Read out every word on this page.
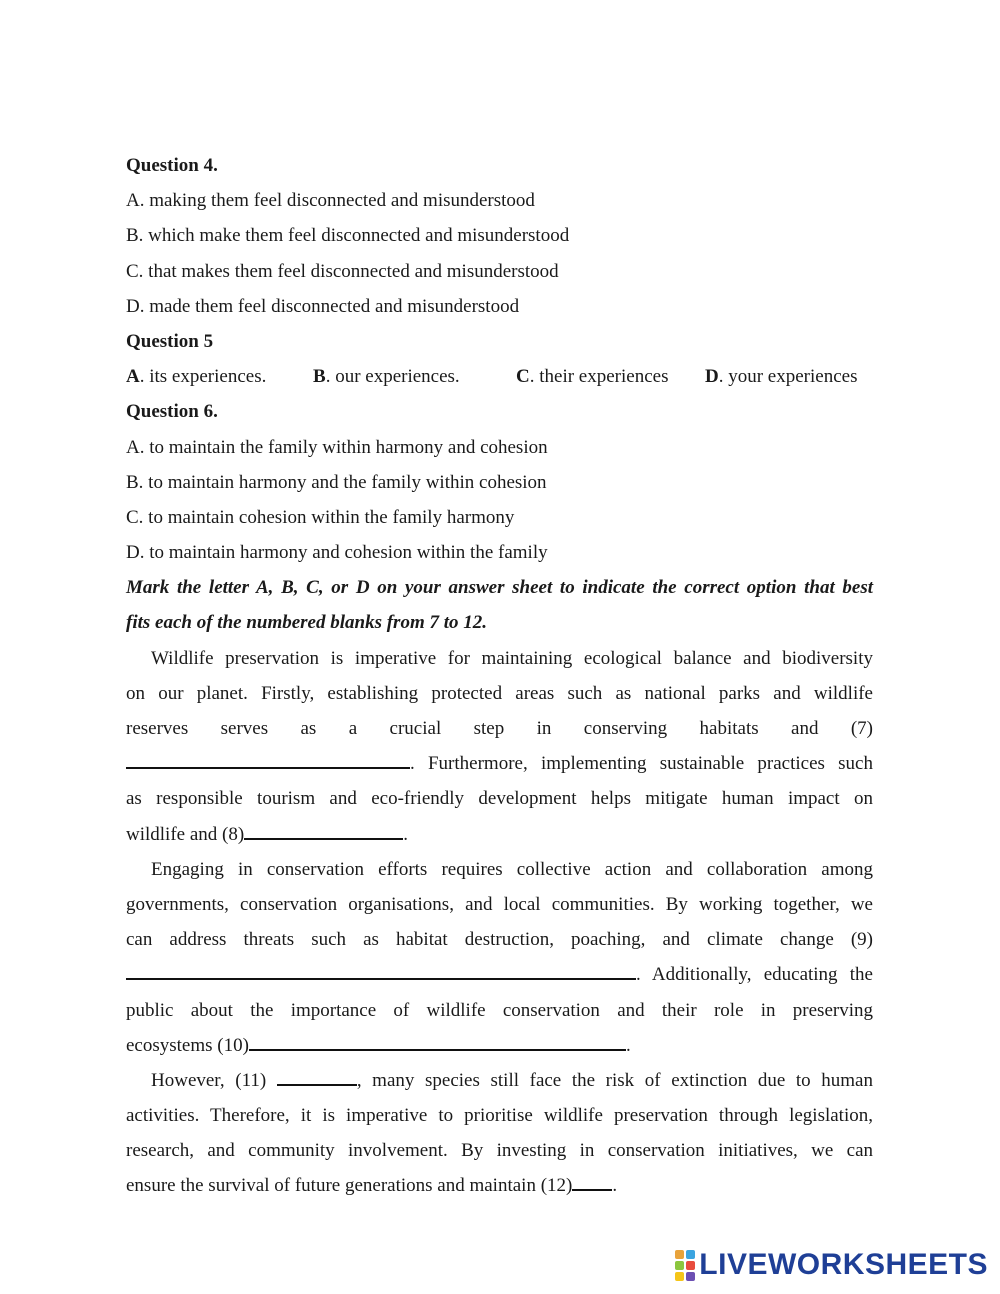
Question 4.
A. making them feel disconnected and misunderstood
B. which make them feel disconnected and misunderstood
C. that makes them feel disconnected and misunderstood
D. made them feel disconnected and misunderstood
Question 5
A. its experiences. B. our experiences.	C. their experiences D. your experiences
Question 6.
A. to maintain the family within harmony and cohesion
B. to maintain harmony and the family within cohesion
C. to maintain cohesion within the family harmony
D. to maintain harmony and cohesion within the family
Mark the letter A, B, C, or D on your answer sheet to indicate the correct option that best
fits each of the numbered blanks from 7 to 12.
Wildlife preservation is imperative for maintaining ecological balance and biodiversity
on our planet. Firstly, establishing protected areas such as national parks and wildlife
reserves serves as a crucial step in conserving habitats and (7)
. Furthermore, implementing sustainable practices such
as responsible tourism and eco-friendly development helps mitigate human impact on
wildlife and (8)	.
Engaging in conservation efforts requires collective action and collaboration among
governments, conservation organisations, and local communities. By working together, we
can address threats such as habitat destruction, poaching, and climate change (9)
. Additionally, educating the
public about the importance of wildlife conservation and their role in preserving
ecosystems (10)	.
However, (11)	, many species still face the risk of extinction due to human
activities. Therefore, it is imperative to prioritise wildlife preservation through legislation,
research, and community involvement. By investing in conservation initiatives, we can
ensure the survival of future generations and maintain (12) .
LIVEWORKSHEETS
